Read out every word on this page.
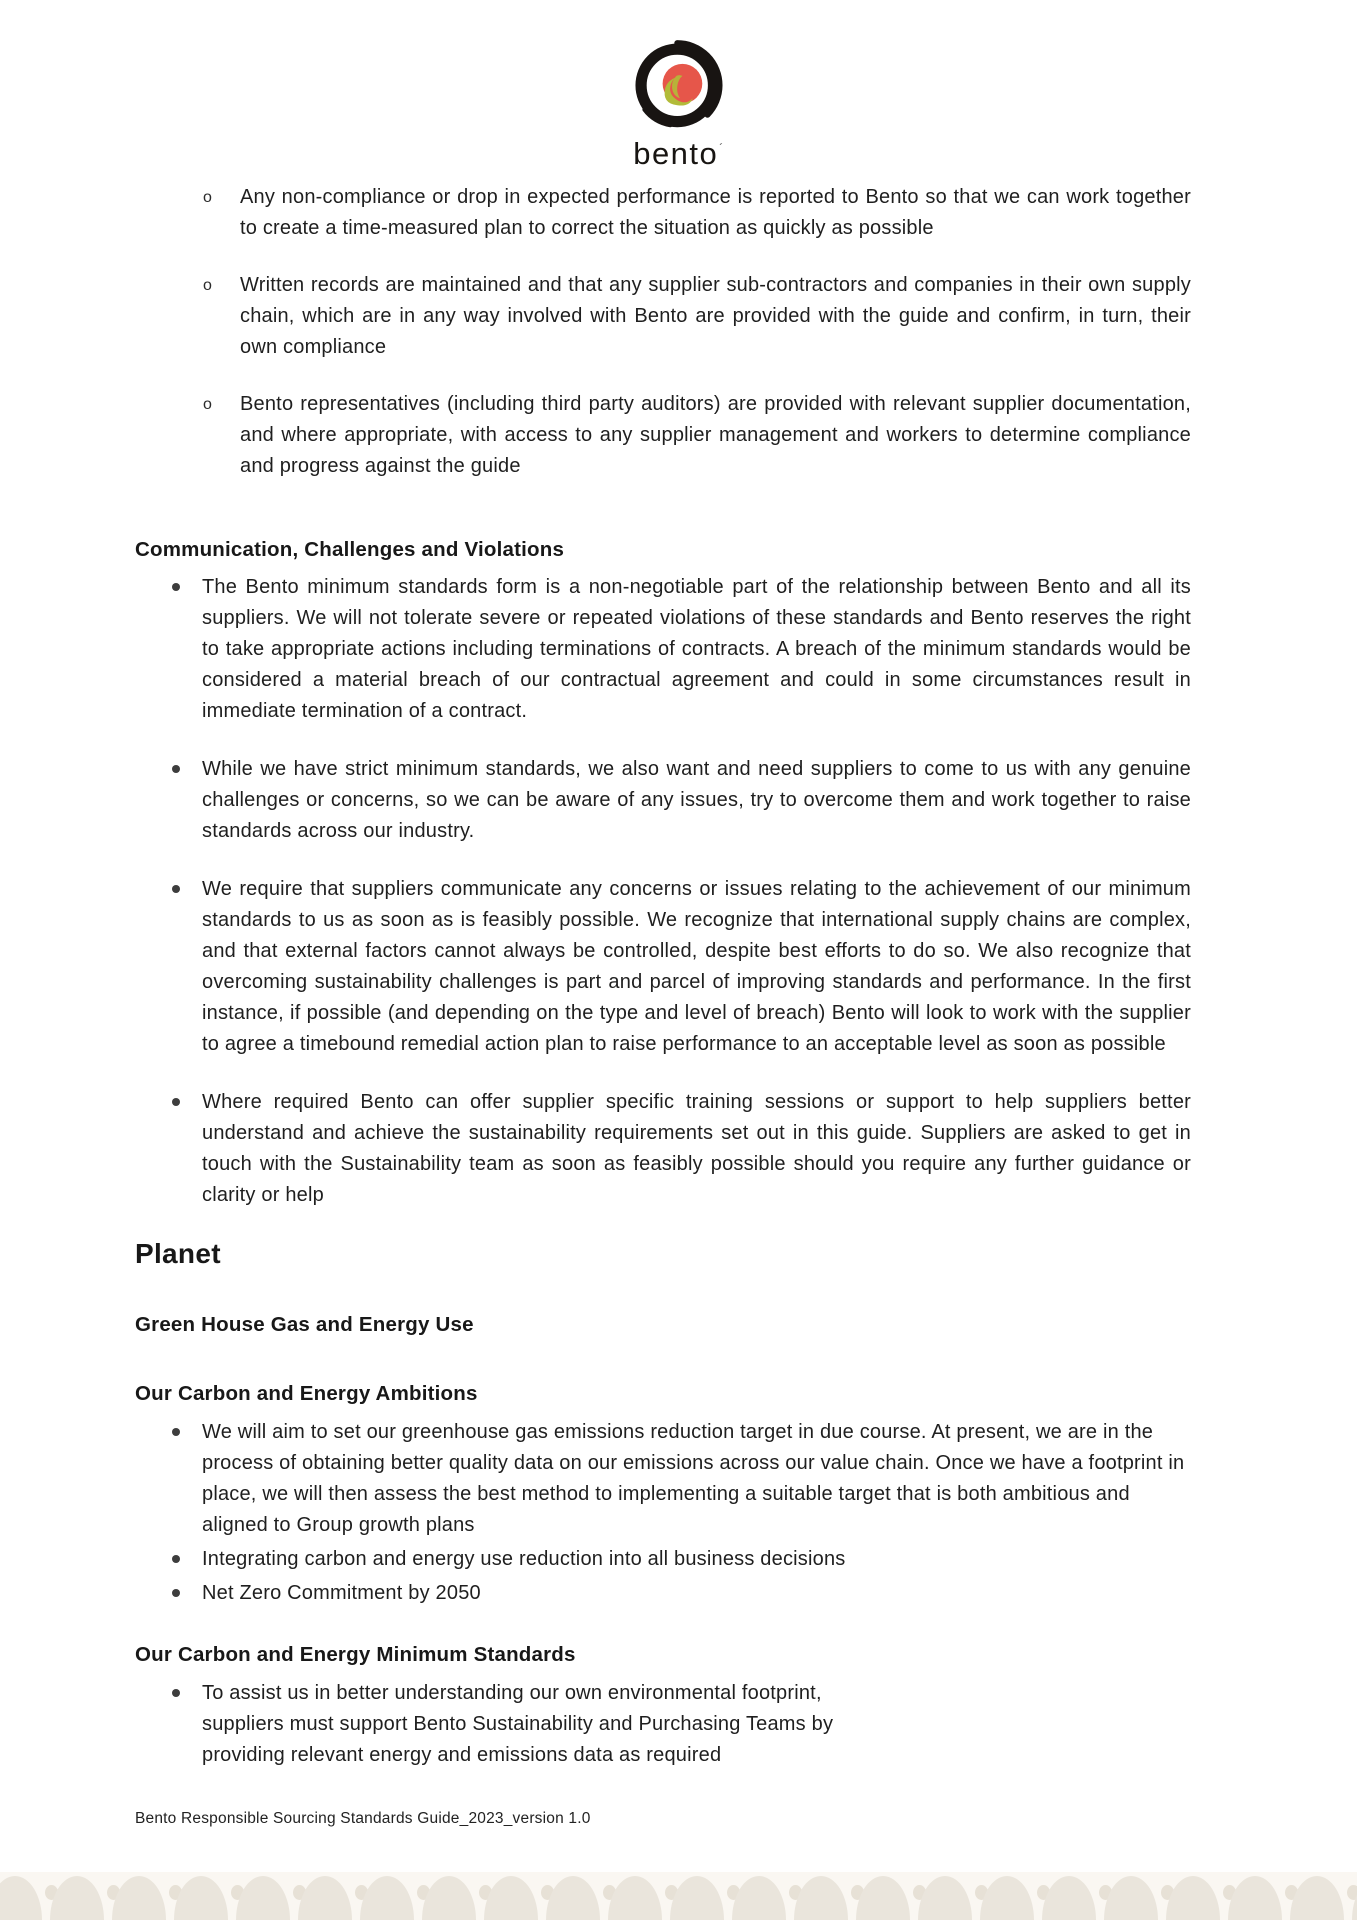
bento´
o	Any non-compliance or drop in expected performance is reported to Bento so that we can work together to create a time-measured plan to correct the situation as quickly as possible

o	Written records are maintained and that any supplier sub-contractors and companies in their own supply chain, which are in any way involved with Bento are provided with the guide and confirm, in turn, their own compliance

o	Bento representatives (including third party auditors) are provided with relevant supplier documentation, and where appropriate, with access to any supplier management and workers to determine compliance and progress against the guide

Communication, Challenges and Violations

The Bento minimum standards form is a non-negotiable part of the relationship between Bento and all its suppliers. We will not tolerate severe or repeated violations of these standards and Bento reserves the right to take appropriate actions including terminations of contracts. A breach of the minimum standards would be considered a material breach of our contractual agreement and could in some circumstances result in immediate termination of a contract.

While we have strict minimum standards, we also want and need suppliers to come to us with any genuine challenges or concerns, so we can be aware of any issues, try to overcome them and work together to raise standards across our industry.

We require that suppliers communicate any concerns or issues relating to the achievement of our minimum standards to us as soon as is feasibly possible. We recognize that international supply chains are complex, and that external factors cannot always be controlled, despite best efforts to do so. We also recognize that overcoming sustainability challenges is part and parcel of improving standards and performance. In the first instance, if possible (and depending on the type and level of breach) Bento will look to work with the supplier to agree a timebound remedial action plan to raise performance to an acceptable level as soon as possible

Where required Bento can offer supplier specific training sessions or support to help suppliers better understand and achieve the sustainability requirements set out in this guide. Suppliers are asked to get in touch with the Sustainability team as soon as feasibly possible should you require any further guidance or clarity or help

Planet
Green House Gas and Energy Use
Our Carbon and Energy Ambitions

We will aim to set our greenhouse gas emissions reduction target in due course. At present, we are in the process of obtaining better quality data on our emissions across our value chain. Once we have a footprint in place, we will then assess the best method to implementing a suitable target that is both ambitious and aligned to Group growth plans

Integrating carbon and energy use reduction into all business decisions

Net Zero Commitment by 2050

Our Carbon and Energy Minimum Standards

To assist us in better understanding our own environmental footprint, suppliers must support Bento Sustainability and Purchasing Teams by providing relevant energy and emissions data as required

Bento Responsible Sourcing Standards Guide_2023_version 1.0
